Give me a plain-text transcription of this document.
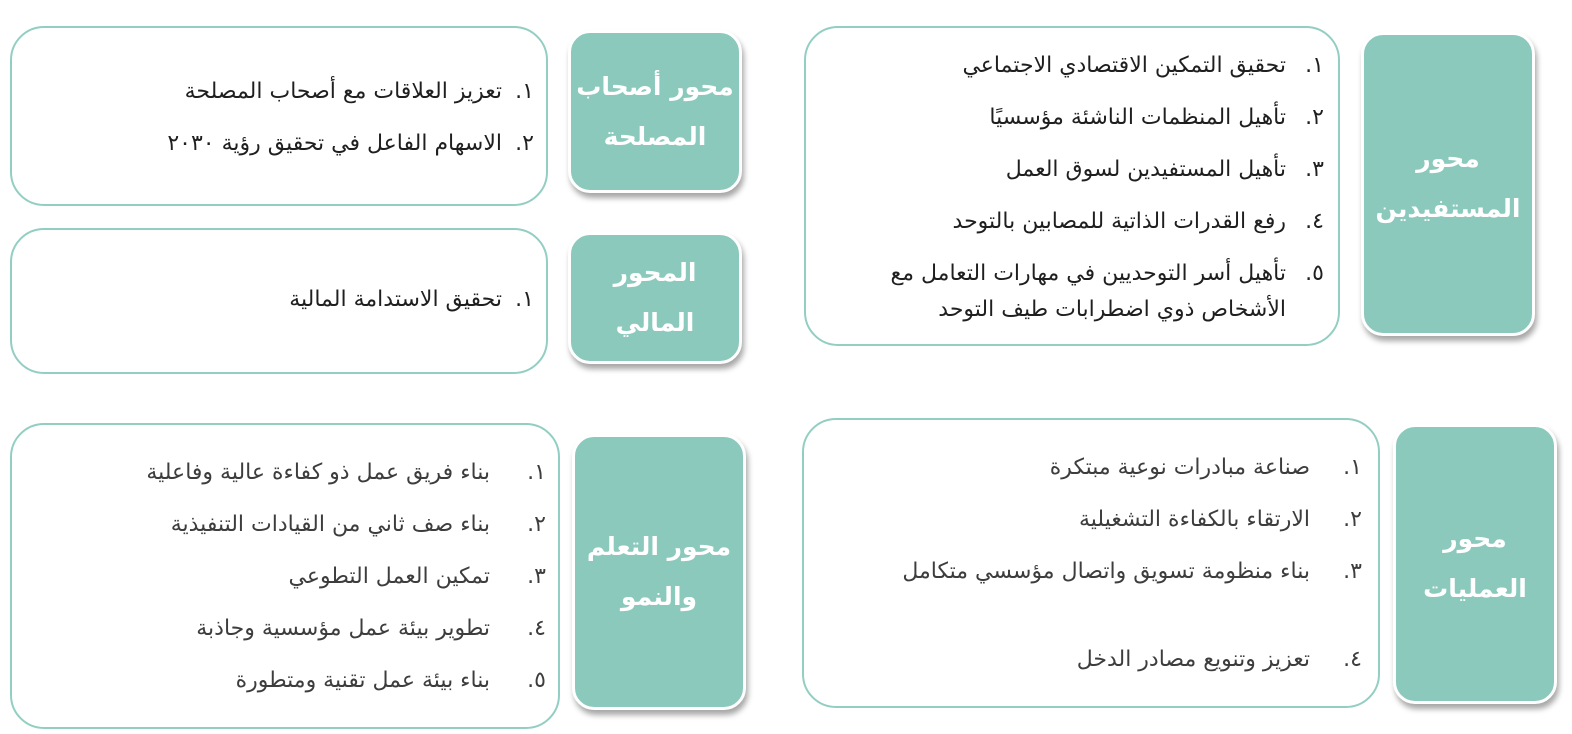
محور
المستفيدين
١.
تحقيق التمكين الاقتصادي الاجتماعي
٢.
تأهيل المنظمات الناشئة مؤسسيًا
٣.
تأهيل المستفيدين لسوق العمل
٤.
رفع القدرات الذاتية للمصابين بالتوحد
٥.
تأهيل أسر التوحديين في مهارات التعامل مع الأشخاص ذوي اضطرابات طيف التوحد
محور أصحاب
المصلحة
١.
تعزيز العلاقات مع أصحاب المصلحة
٢.
الاسهام الفاعل في تحقيق رؤية ٢٠٣٠
المحور المالي
١.
تحقيق الاستدامة المالية
محور
العمليات
١.
صناعة مبادرات نوعية مبتكرة
٢.
الارتقاء بالكفاءة التشغيلية
٣.
بناء منظومة تسويق واتصال مؤسسي متكامل
٤.
تعزيز وتنويع مصادر الدخل
محور التعلم
والنمو
١.
بناء فريق عمل ذو كفاءة عالية وفاعلية
٢.
بناء صف ثاني من القيادات التنفيذية
٣.
تمكين العمل التطوعي
٤.
تطوير بيئة عمل مؤسسية وجاذبة
٥.
بناء بيئة عمل تقنية ومتطورة
